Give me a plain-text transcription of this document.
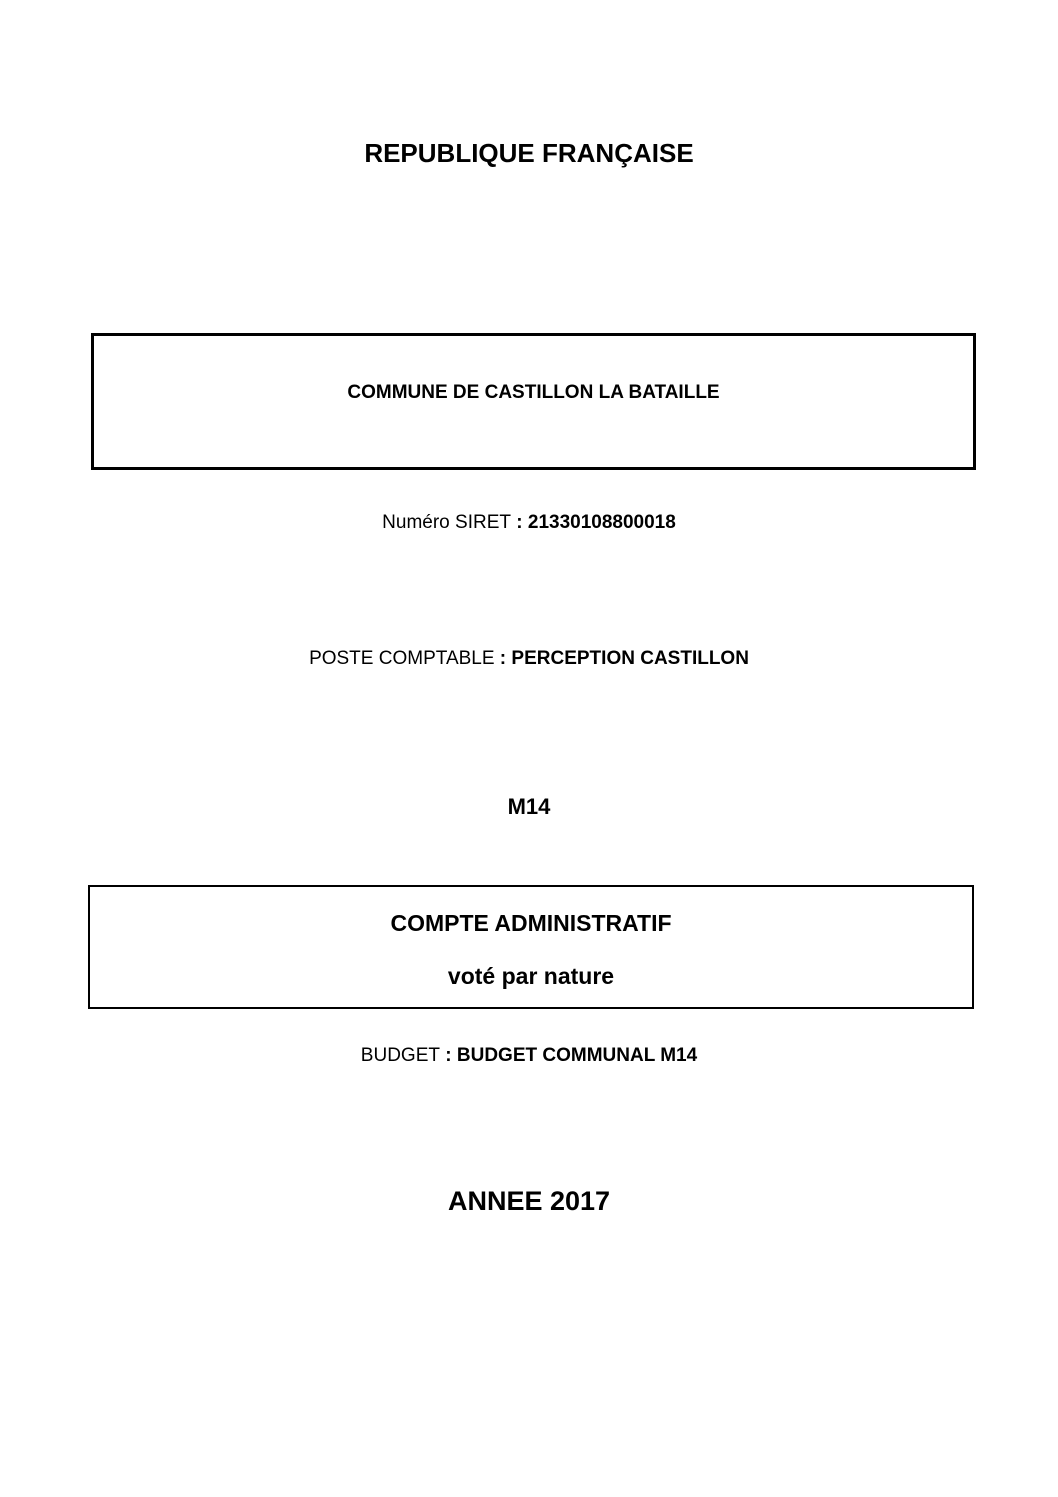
REPUBLIQUE FRANÇAISE
COMMUNE DE CASTILLON LA BATAILLE
Numéro SIRET : 21330108800018
POSTE COMPTABLE : PERCEPTION CASTILLON
M14
COMPTE ADMINISTRATIF
voté par nature
BUDGET : BUDGET COMMUNAL M14
ANNEE 2017
